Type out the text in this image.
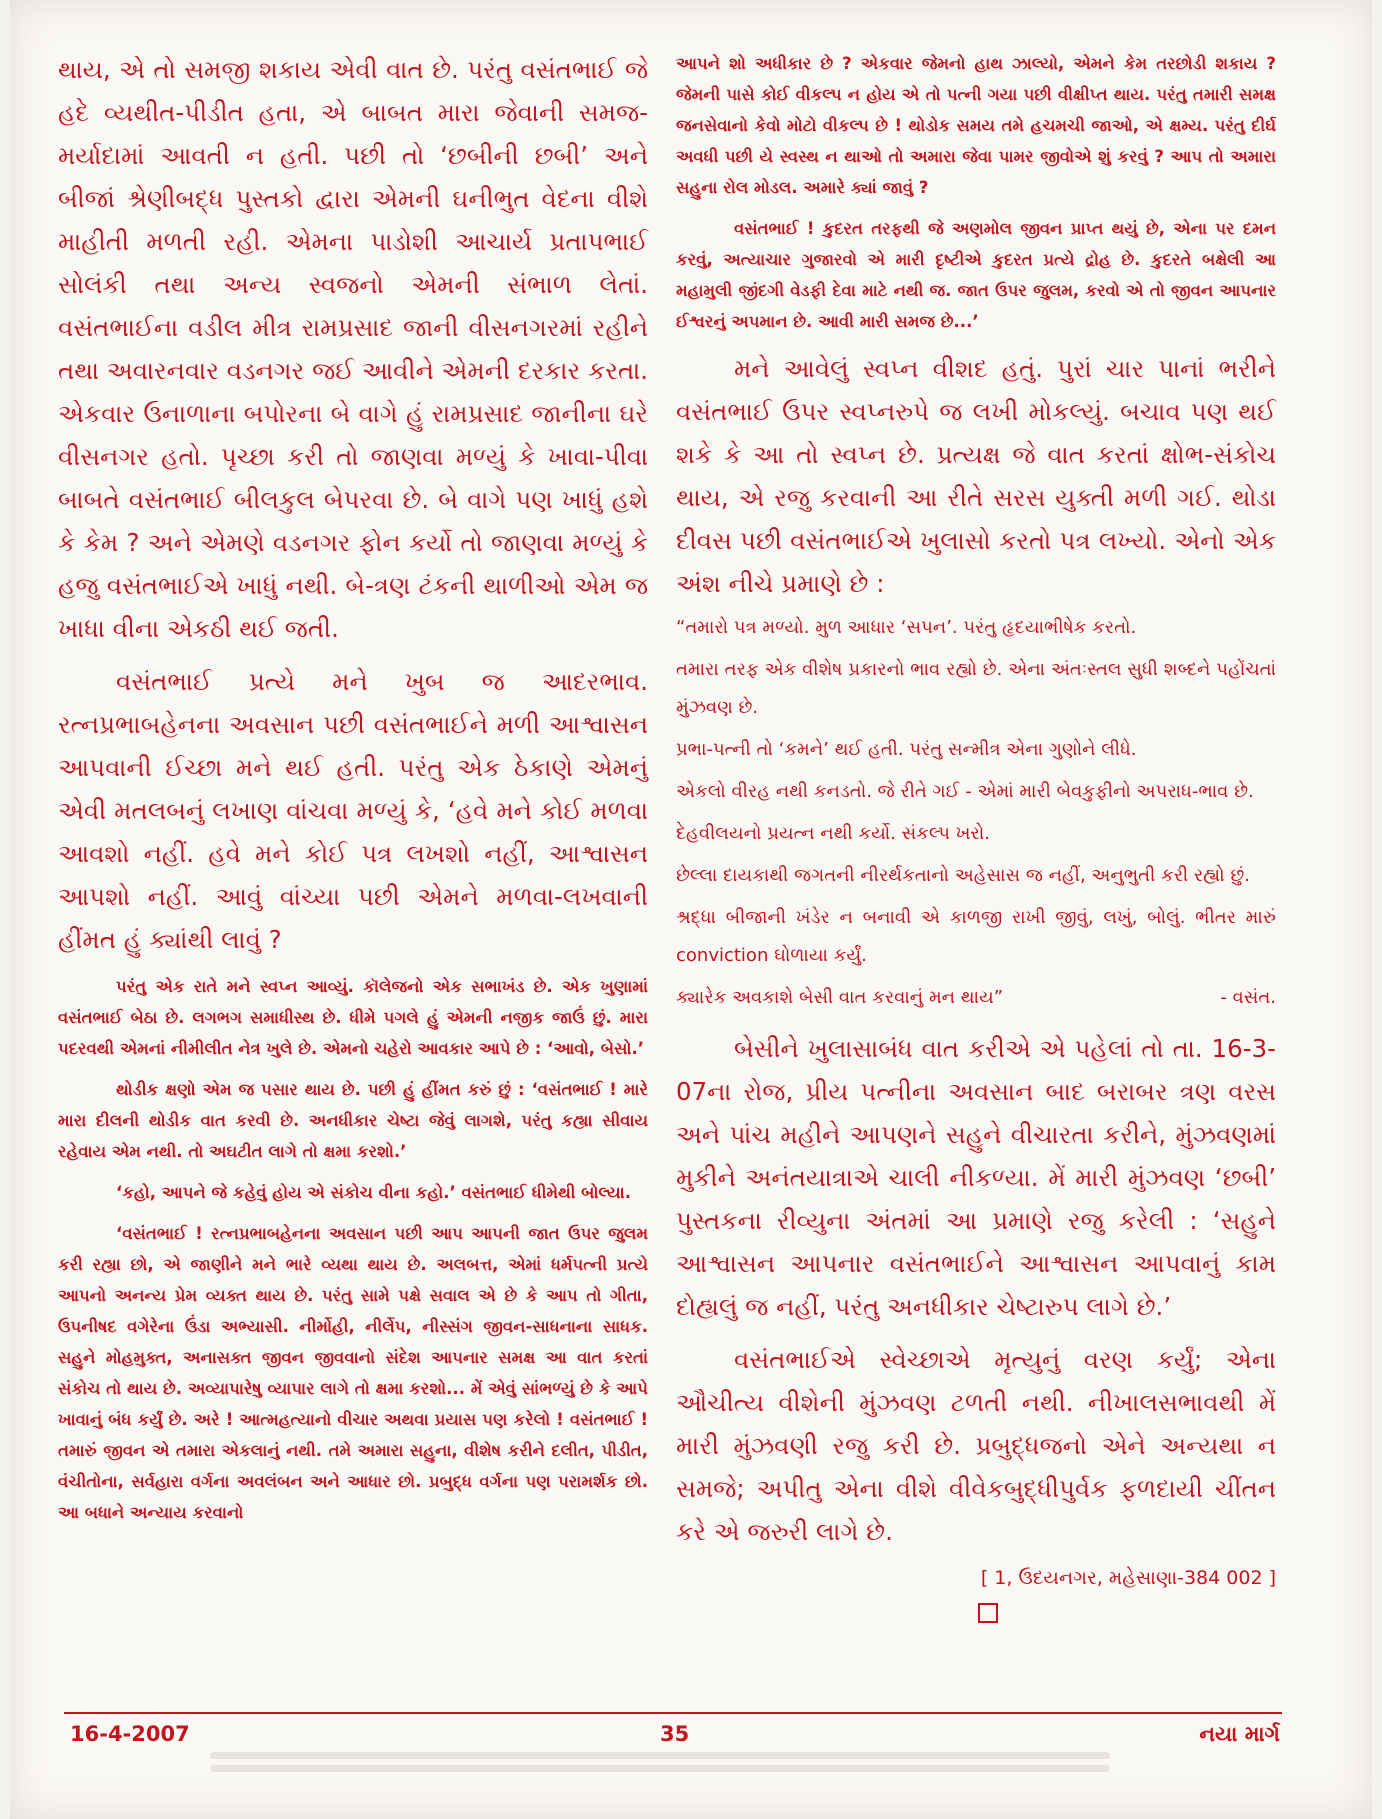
થાય, એ તો સમજી શકાય એવી વાત છે. પરંતુ વસંતભાઈ જે હદે વ્યથીત-પીડીત હતા, એ બાબત મારા જેવાની સમજ- મર્યાદામાં આવતી ન હતી. પછી તો ‘છબીની છબી’ અને બીજાં શ્રેણીબદ્ધ પુસ્તકો દ્વારા એમની ઘનીભુત વેદના વીશે માહીતી મળતી રહી. એમના પાડોશી આચાર્ય પ્રતાપભાઈ સોલંકી તથા અન્ય સ્વજનો એમની સંભાળ લેતાં. વસંતભાઈના વડીલ મીત્ર રામપ્રસાદ જાની વીસનગરમાં રહીને તથા અવારનવાર વડનગર જઈ આવીને એમની દરકાર કરતા. એકવાર ઉનાળાના બપોરના બે વાગે હું રામપ્રસાદ જાનીના ઘરે વીસનગર હતો. પૃચ્છા કરી તો જાણવા મળ્યું કે ખાવા-પીવા બાબતે વસંતભાઈ બીલકુલ બેપરવા છે. બે વાગે પણ ખાધું હશે કે કેમ ? અને એમણે વડનગર ફોન કર્યો તો જાણવા મળ્યું કે હજુ વસંતભાઈએ ખાધું નથી. બે-ત્રણ ટંકની થાળીઓ એમ જ ખાધા વીના એકઠી થઈ જતી.

વસંતભાઈ પ્રત્યે મને ખુબ જ આદરભાવ. રત્નપ્રભાબહેનના અવસાન પછી વસંતભાઈને મળી આશ્વાસન આપવાની ઈચ્છા મને થઈ હતી. પરંતુ એક ઠેકાણે એમનું એવી મતલબનું લખાણ વાંચવા મળ્યું કે, ‘હવે મને કોઈ મળવા આવશો નહીં. હવે મને કોઈ પત્ર લખશો નહીં, આશ્વાસન આપશો નહીં. આવું વાંચ્યા પછી એમને મળવા-લખવાની હીંમત હું ક્યાંથી લાવું ?

પરંતુ એક રાતે મને સ્વપ્ન આવ્યું. કૉલેજનો એક સભાખંડ છે. એક ખુણામાં વસંતભાઈ બેઠા છે. લગભગ સમાધીસ્થ છે. ધીમે પગલે હું એમની નજીક જાઉં છું. મારા પદરવથી એમનાં નીમીલીત નેત્ર ખુલે છે. એમનો ચહેરો આવકાર આપે છે : ‘આવો, બેસો.’

થોડીક ક્ષણો એમ જ પસાર થાય છે. પછી હું હીંમત કરું છું : ‘વસંતભાઈ ! મારે મારા દીલની થોડીક વાત કરવી છે. અનધીકાર ચેષ્ટા જેવું લાગશે, પરંતુ કહ્યા સીવાય રહેવાય એમ નથી. તો અઘટીત લાગે તો ક્ષમા કરશો.’

‘કહો, આપને જે કહેવું હોય એ સંકોચ વીના કહો.’ વસંતભાઈ ધીમેથી બોલ્યા.

‘વસંતભાઈ ! રત્નપ્રભાબહેનના અવસાન પછી આપ આપની જાત ઉપર જુલમ કરી રહ્યા છો, એ જાણીને મને ભારે વ્યથા થાય છે. અલબત્ત, એમાં ધર્મપત્ની પ્રત્યે આપનો અનન્ય પ્રેમ વ્યક્ત થાય છે. પરંતુ સામે પક્ષે સવાલ એ છે કે આપ તો ગીતા, ઉપનીષદ વગેરેના ઉંડા અભ્યાસી. નીર્મોહી, નીર્લેપ, નીસ્સંગ જીવન-સાધનાના સાધક. સહુને મોહમુક્ત, અનાસક્ત જીવન જીવવાનો સંદેશ આપનાર સમક્ષ આ વાત કરતાં સંકોચ તો થાય છે. અવ્યાપારેષુ વ્યાપાર લાગે તો ક્ષમા કરશો... મેં એવું સાંભળ્યું છે કે આપે ખાવાનું બંધ કર્યું છે. અરે ! આત્મહત્યાનો વીચાર અથવા પ્રયાસ પણ કરેલો ! વસંતભાઈ ! તમારું જીવન એ તમારા એકલાનું નથી. તમે અમારા સહુના, વીશેષ કરીને દલીત, પીડીત, વંચીતોના, સર્વહારા વર્ગના અવલંબન અને આધાર છો. પ્રબુદ્ધ વર્ગના પણ પરામર્શક છો. આ બધાને અન્યાય કરવાનો

આપને શો અધીકાર છે ? એકવાર જેમનો હાથ ઝાલ્યો, એમને કેમ તરછોડી શકાય ? જેમની પાસે કોઈ વીકલ્પ ન હોય એ તો પત્ની ગયા પછી વીક્ષીપ્ત થાય. પરંતુ તમારી સમક્ષ જનસેવાનો કેવો મોટો વીકલ્પ છે ! થોડોક સમય તમે હચમચી જાઓ, એ ક્ષમ્ય. પરંતુ દીર્ઘ અવધી પછી યે સ્વસ્થ ન થાઓ તો અમારા જેવા પામર જીવોએ શું કરવું ? આપ તો અમારા સહુના રોલ મોડલ. અમારે ક્યાં જાવું ?

વસંતભાઈ ! કુદરત તરફથી જે અણમોલ જીવન પ્રાપ્ત થયું છે, એના પર દમન કરવું, અત્યાચાર ગુજારવો એ મારી દૃષ્ટીએ કુદરત પ્રત્યે દ્રોહ છે. કુદરતે બક્ષેલી આ મહામુલી જીંદગી વેડફી દેવા માટે નથી જ. જાત ઉપર જુલમ, કરવો એ તો જીવન આપનાર ઈશ્વરનું અપમાન છે. આવી મારી સમજ છે...’

મને આવેલું સ્વપ્ન વીશદ હતું. પુરાં ચાર પાનાં ભરીને વસંતભાઈ ઉપર સ્વપ્નરુપે જ લખી મોકલ્યું. બચાવ પણ થઈ શકે કે આ તો સ્વપ્ન છે. પ્રત્યક્ષ જે વાત કરતાં ક્ષોભ-સંકોચ થાય, એ રજુ કરવાની આ રીતે સરસ યુક્તી મળી ગઈ. થોડા દીવસ પછી વસંતભાઈએ ખુલાસો કરતો પત્ર લખ્યો. એનો એક અંશ નીચે પ્રમાણે છે :

“તમારો પત્ર મળ્યો. મુળ આધાર ‘સપન’. પરંતુ હૃદયાભીષેક કરતો.

તમારા તરફ એક વીશેષ પ્રકારનો ભાવ રહ્યો છે. એના અંતઃસ્તલ સુધી શબ્દને પહોંચતાં મુંઝવણ છે.

પ્રભા-પત્ની તો ‘કમને’ થઈ હતી. પરંતુ સન્મીત્ર એના ગુણોને લીધે.

એકલો વીરહ નથી કનડતો. જે રીતે ગઈ - એમાં મારી બેવકુફીનો અપરાધ-ભાવ છે.

દેહવીલયનો પ્રયત્ન નથી કર્યો. સંકલ્પ ખરો.

છેલ્લા દાયકાથી જગતની નીરર્થકતાનો અહેસાસ જ નહીં, અનુભુતી કરી રહ્યો છું.

શ્રદ્ધા બીજાની ખંડેર ન બનાવી એ કાળજી રાખી જીવું, લખું, બોલું. ભીતર મારું conviction ઘોળાયા કર્યું.

ક્યારેક અવકાશે બેસી વાત કરવાનું મન થાય”	- વસંત.

બેસીને ખુલાસાબંધ વાત કરીએ એ પહેલાં તો તા. 16-3-07ના રોજ, પ્રીય પત્નીના અવસાન બાદ બરાબર ત્રણ વરસ અને પાંચ મહીને આપણને સહુને વીચારતા કરીને, મુંઝવણમાં મુકીને અનંતયાત્રાએ ચાલી નીકળ્યા. મેં મારી મુંઝવણ ‘છબી’ પુસ્તકના રીવ્યુના અંતમાં આ પ્રમાણે રજુ કરેલી : ‘સહુને આશ્વાસન આપનાર વસંતભાઈને આશ્વાસન આપવાનું કામ દોહ્યલું જ નહીં, પરંતુ અનધીકાર ચેષ્ટારુપ લાગે છે.’

વસંતભાઈએ સ્વેચ્છાએ મૃત્યુનું વરણ કર્યું; એના ઔચીત્ય વીશેની મુંઝવણ ટળતી નથી. નીખાલસભાવથી મેં મારી મુંઝવણી રજુ કરી છે. પ્રબુદ્ધજનો એને અન્યથા ન સમજે; અપીતુ એના વીશે વીવેકબુદ્ધીપુર્વક ફળદાયી ચીંતન કરે એ જરુરી લાગે છે.

[ 1, ઉદયનગર, મહેસાણા-384 002 ]

16-4-2007	35	નયા માર્ગ
